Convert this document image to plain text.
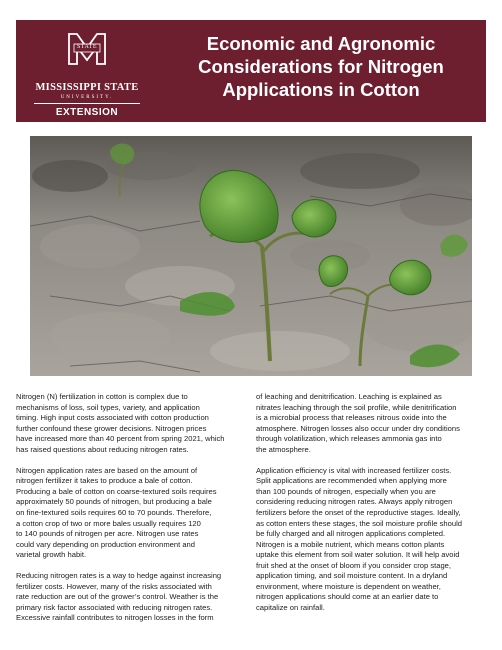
STATE
MISSISSIPPI STATE
UNIVERSITY.
EXTENSION
Economic and Agronomic
Considerations for Nitrogen
Applications in Cotton

Nitrogen (N) fertilization in cotton is complex due to
mechanisms of loss, soil types, variety, and application
timing. High input costs associated with cotton production
further confound these grower decisions. Nitrogen prices
have increased more than 40 percent from spring 2021, which
has raised questions about reducing nitrogen rates.

Nitrogen application rates are based on the amount of
nitrogen fertilizer it takes to produce a bale of cotton.
Producing a bale of cotton on coarse-textured soils requires
approximately 50 pounds of nitrogen, but producing a bale
on fine-textured soils requires 60 to 70 pounds. Therefore,
a cotton crop of two or more bales usually requires 120
to 140 pounds of nitrogen per acre. Nitrogen use rates
could vary depending on production environment and
varietal growth habit.

Reducing nitrogen rates is a way to hedge against increasing
fertilizer costs. However, many of the risks associated with
rate reduction are out of the grower’s control. Weather is the
primary risk factor associated with reducing nitrogen rates.
Excessive rainfall contributes to nitrogen losses in the form

of leaching and denitrification. Leaching is explained as
nitrates leaching through the soil profile, while denitrification
is a microbial process that releases nitrous oxide into the
atmosphere. Nitrogen losses also occur under dry conditions
through volatilization, which releases ammonia gas into
the atmosphere.

Application efficiency is vital with increased fertilizer costs.
Split applications are recommended when applying more
than 100 pounds of nitrogen, especially when you are
considering reducing nitrogen rates. Always apply nitrogen
fertilizers before the onset of the reproductive stages. Ideally,
as cotton enters these stages, the soil moisture profile should
be fully charged and all nitrogen applications completed.
Nitrogen is a mobile nutrient, which means cotton plants
uptake this element from soil water solution. It will help avoid
fruit shed at the onset of bloom if you consider crop stage,
application timing, and soil moisture content. In a dryland
environment, where moisture is dependent on weather,
nitrogen applications should come at an earlier date to
capitalize on rainfall.
